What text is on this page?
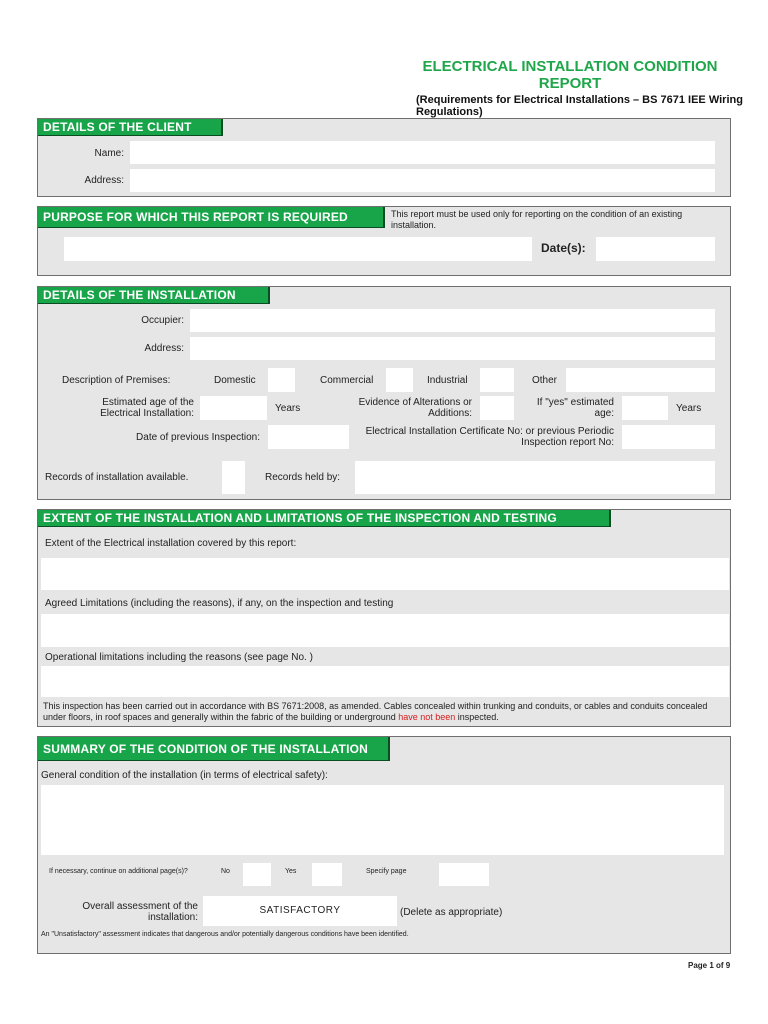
ELECTRICAL INSTALLATION CONDITION REPORT
(Requirements for Electrical Installations – BS 7671 IEE Wiring Regulations)
DETAILS OF THE CLIENT
Name:
Address:
PURPOSE FOR WHICH THIS REPORT IS REQUIRED	This report must be used only for reporting on the condition of an existing installation.
Date(s):
DETAILS OF THE INSTALLATION
Occupier:
Address:
Description of Premises:	Domestic	Commercial	Industrial	Other
Estimated age of the Electrical Installation:	Years
Evidence of Alterations or Additions:
If "yes" estimated age:	Years
Date of previous Inspection:
Electrical Installation Certificate No: or previous Periodic Inspection report No:
Records of installation available.	Records held by:
EXTENT OF THE INSTALLATION AND LIMITATIONS OF THE INSPECTION AND TESTING
Extent of the Electrical installation covered by this report:
Agreed Limitations (including the reasons), if any, on the inspection and testing
Operational limitations including the reasons (see page No. )
This inspection has been carried out in accordance with BS 7671:2008, as amended. Cables concealed within trunking and conduits, or cables and conduits concealed under floors, in roof spaces and generally within the fabric of the building or underground have not been inspected.
SUMMARY OF THE CONDITION OF THE INSTALLATION
General condition of the installation (in terms of electrical safety):
If necessary, continue on additional page(s)?	No	Yes	Specify page
Overall assessment of the installation:
SATISFACTORY	(Delete as appropriate)
An "Unsatisfactory" assessment indicates that dangerous and/or potentially dangerous conditions have been identified.
Page 1 of 9
